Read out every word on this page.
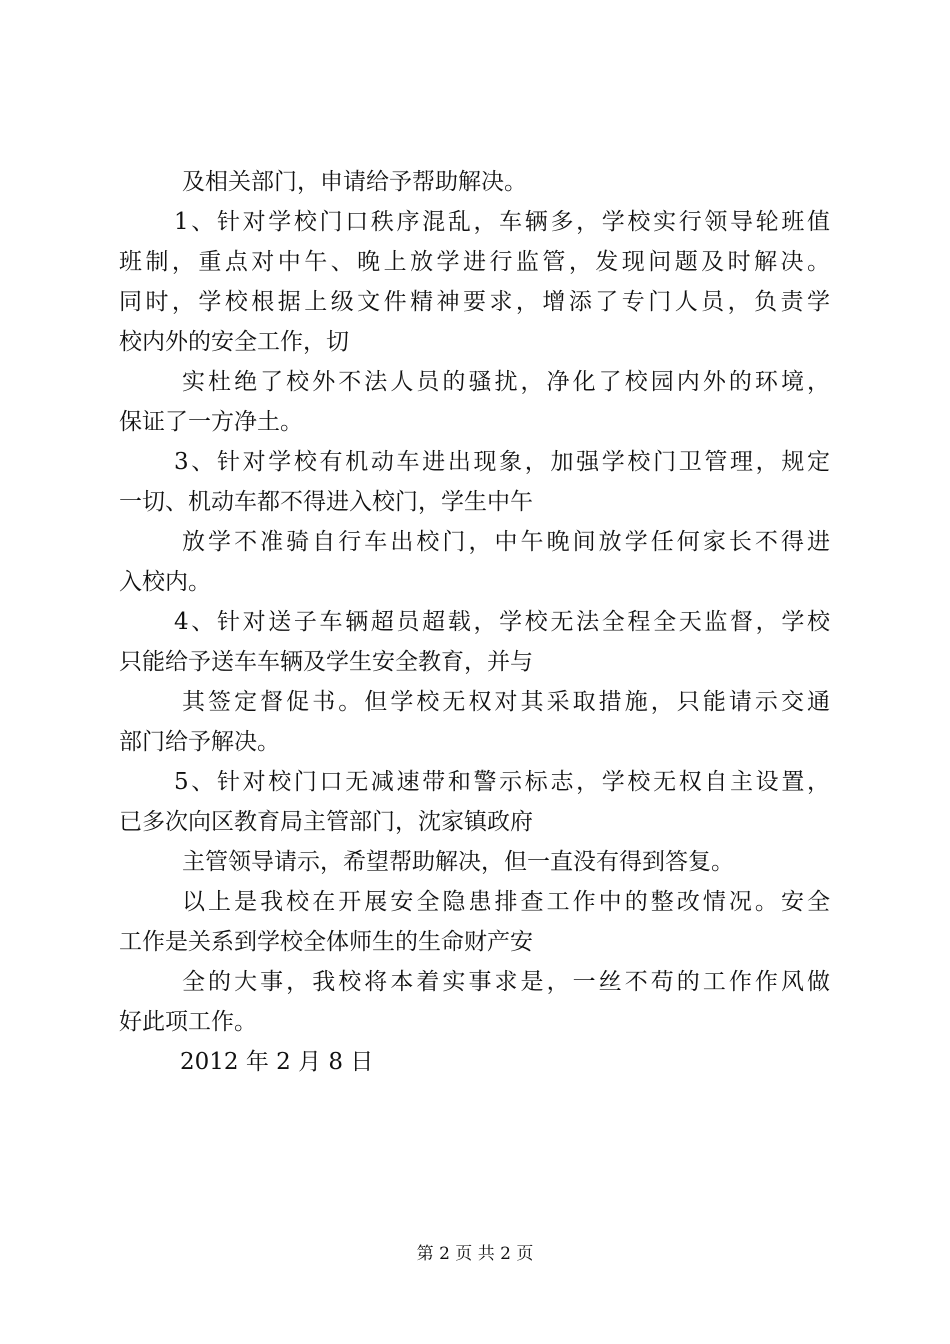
及相关部门，申请给予帮助解决。
1、针对学校门口秩序混乱，车辆多，学校实行领导轮班值
班制，重点对中午、晚上放学进行监管，发现问题及时解决。
同时，学校根据上级文件精神要求，增添了专门人员，负责学
校内外的安全工作，切
实杜绝了校外不法人员的骚扰，净化了校园内外的环境，
保证了一方净土。
3、针对学校有机动车进出现象，加强学校门卫管理，规定
一切、机动车都不得进入校门，学生中午
放学不准骑自行车出校门，中午晚间放学任何家长不得进
入校内。
4、针对送子车辆超员超载，学校无法全程全天监督，学校
只能给予送车车辆及学生安全教育，并与
其签定督促书。但学校无权对其采取措施，只能请示交通
部门给予解决。
5、针对校门口无减速带和警示标志，学校无权自主设置，
已多次向区教育局主管部门，沈家镇政府
主管领导请示，希望帮助解决，但一直没有得到答复。
以上是我校在开展安全隐患排查工作中的整改情况。安全
工作是关系到学校全体师生的生命财产安
全的大事，我校将本着实事求是，一丝不苟的工作作风做
好此项工作。
2012 年 2 月 8 日
第 2 页 共 2 页
